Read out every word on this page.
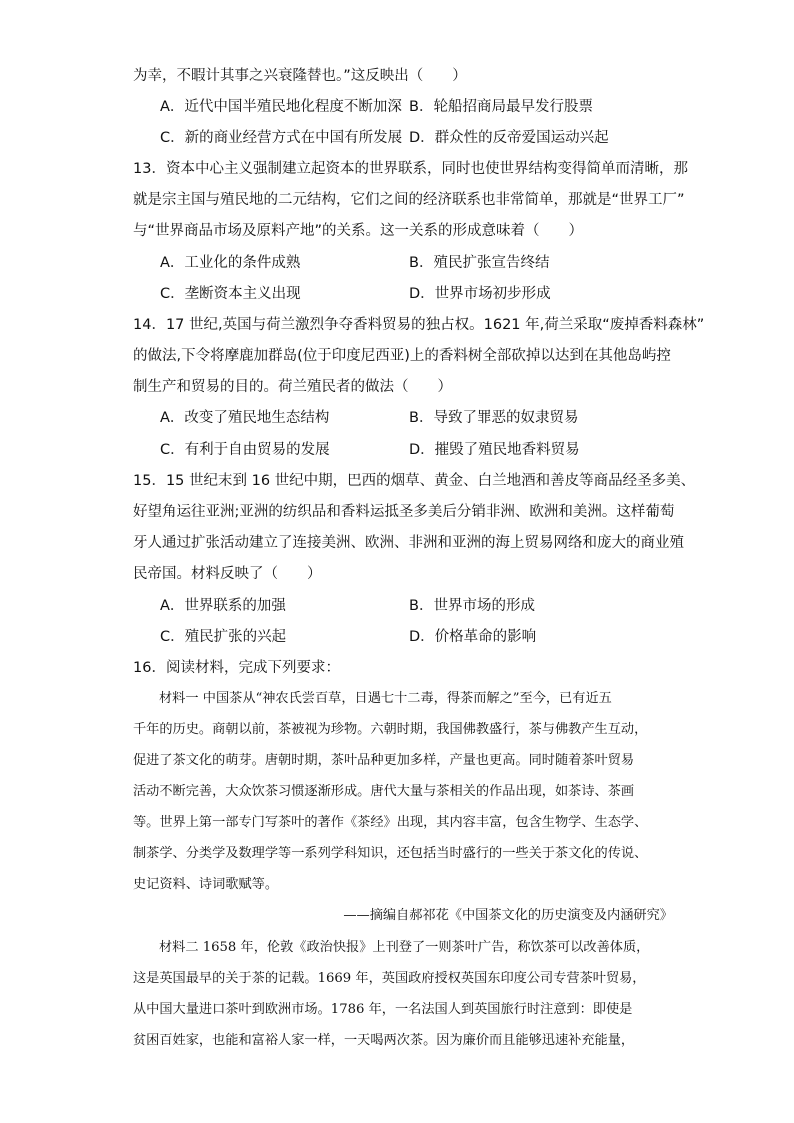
为幸，不暇计其事之兴衰隆替也。”这反映出（　　）
A．近代中国半殖民地化程度不断加深 B．轮船招商局最早发行股票
C．新的商业经营方式在中国有所发展 D．群众性的反帝爱国运动兴起
13．资本中心主义强制建立起资本的世界联系，同时也使世界结构变得简单而清晰，那
就是宗主国与殖民地的二元结构，它们之间的经济联系也非常简单，那就是“世界工厂”
与“世界商品市场及原料产地”的关系。这一关系的形成意味着（　　）
A．工业化的条件成熟	B．殖民扩张宣告终结
C．垄断资本主义出现	D．世界市场初步形成
14．17 世纪,英国与荷兰激烈争夺香料贸易的独占权。1621 年,荷兰采取“废掉香料森林”
的做法,下令将摩鹿加群岛(位于印度尼西亚)上的香料树全部砍掉以达到在其他岛屿控
制生产和贸易的目的。荷兰殖民者的做法（　　）
A．改变了殖民地生态结构	B．导致了罪恶的奴隶贸易
C．有利于自由贸易的发展	D．摧毁了殖民地香料贸易
15．15 世纪末到 16 世纪中期，巴西的烟草、黄金、白兰地酒和善皮等商品经圣多美、
好望角运往亚洲;亚洲的纺织品和香料运抵圣多美后分销非洲、欧洲和美洲。这样葡萄
牙人通过扩张活动建立了连接美洲、欧洲、非洲和亚洲的海上贸易网络和庞大的商业殖
民帝国。材料反映了（　　）
A．世界联系的加强	B．世界市场的形成
C．殖民扩张的兴起	D．价格革命的影响
16．阅读材料，完成下列要求：
材料一 中国茶从“神农氏尝百草，日遇七十二毒，得茶而解之”至今，已有近五
千年的历史。商朝以前，茶被视为珍物。六朝时期，我国佛教盛行，茶与佛教产生互动，
促进了茶文化的萌芽。唐朝时期，茶叶品种更加多样，产量也更高。同时随着茶叶贸易
活动不断完善，大众饮茶习惯逐渐形成。唐代大量与茶相关的作品出现，如茶诗、茶画
等。世界上第一部专门写茶叶的著作《茶经》出现，其内容丰富，包含生物学、生态学、
制茶学、分类学及数理学等一系列学科知识，还包括当时盛行的一些关于茶文化的传说、
史记资料、诗词歌赋等。
——摘编自郝祁花《中国茶文化的历史演变及内涵研究》
材料二 1658 年，伦敦《政治快报》上刊登了一则茶叶广告，称饮茶可以改善体质，
这是英国最早的关于茶的记载。1669 年，英国政府授权英国东印度公司专营茶叶贸易，
从中国大量进口茶叶到欧洲市场。1786 年，一名法国人到英国旅行时注意到：即使是
贫困百姓家，也能和富裕人家一样，一天喝两次茶。因为廉价而且能够迅速补充能量，
